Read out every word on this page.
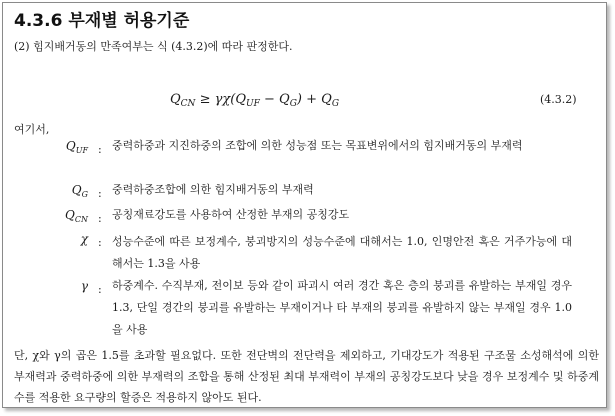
4.3.6 부재별 허용기준
(2) 힘지배거동의 만족여부는 식 (4.3.2)에 따라 판정한다.
$Q_{CN} \ge \gamma\chi(Q_{UF} - Q_G) + Q_G$	(4.3.2)
여기서,
$Q_{UF}$ : 중력하중과 지진하중의 조합에 의한 성능점 또는 목표변위에서의 힘지배거동의 부재력
$Q_G$ : 중력하중조합에 의한 힘지배거동의 부재력
$Q_{CN}$ : 공칭재료강도를 사용하여 산정한 부재의 공칭강도
χ : 성능수준에 따른 보정계수, 붕괴방지의 성능수준에 대해서는 1.0, 인명안전 혹은 거주가능에 대해서는 1.3을 사용
γ : 하중계수. 수직부재, 전이보 등와 같이 파괴시 여러 경간 혹은 층의 붕괴를 유발하는 부재일 경우 1.3, 단일 경간의 붕괴를 유발하는 부재이거나 타 부재의 붕괴를 유발하지 않는 부재일 경우 1.0을 사용
단, χ와 γ의 곱은 1.5를 초과할 필요없다. 또한 전단벽의 전단력을 제외하고, 기대강도가 적용된 구조물 소성해석에 의한 부재력과 중력하중에 의한 부재력의 조합을 통해 산정된 최대 부재력이 부재의 공칭강도보다 낮을 경우 보정계수 및 하중계수를 적용한 요구량의 할증은 적용하지 않아도 된다.
